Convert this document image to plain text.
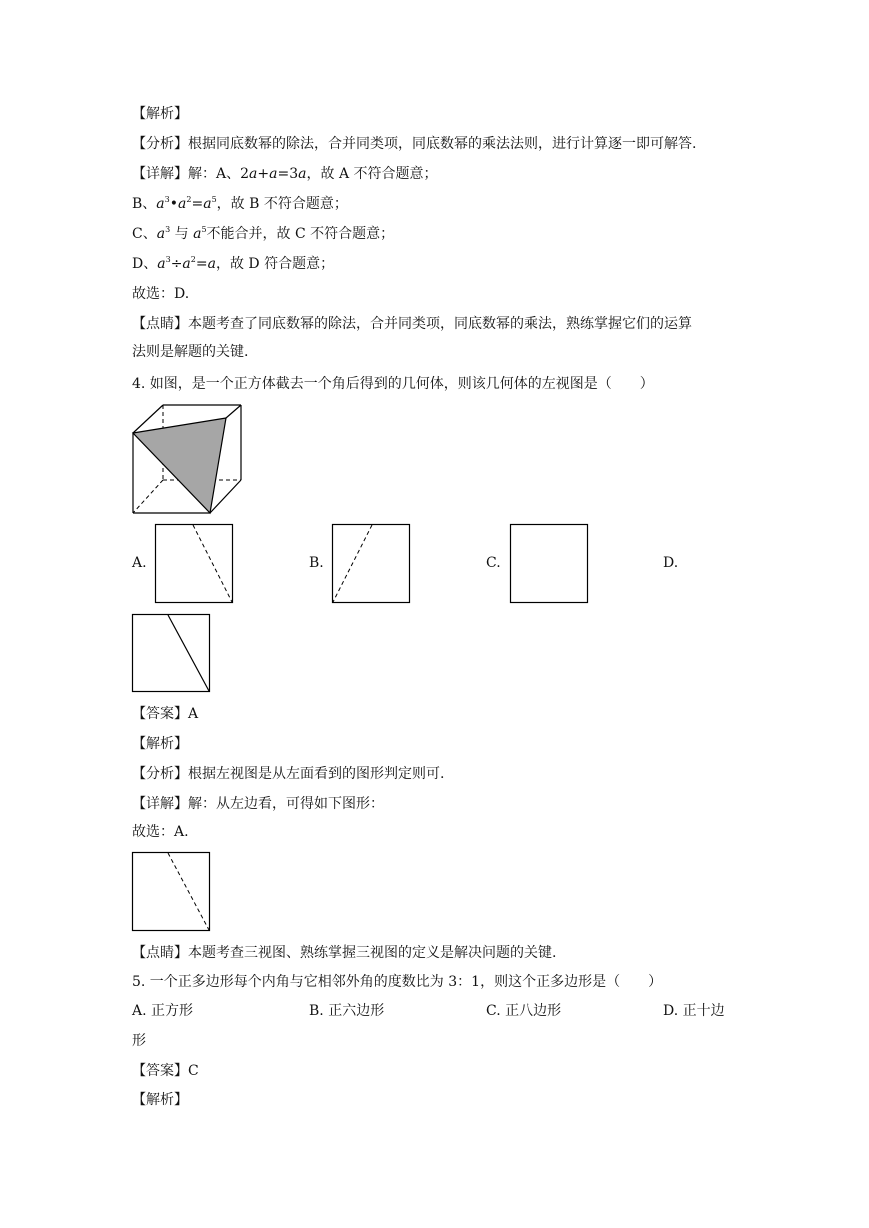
【解析】
【分析】根据同底数幂的除法，合并同类项，同底数幂的乘法法则，进行计算逐一即可解答.
【详解】解：A、2a+a=3a，故 A 不符合题意；
B、$a^3•a^2=a^5$，故 B 不符合题意；
C、$a^3$ 与 $a^5$不能合并，故 C 不符合题意；
D、$a^3\div a^2=a$，故 D 符合题意；
故选：D.
【点睛】本题考查了同底数幂的除法，合并同类项，同底数幂的乘法，熟练掌握它们的运算
法则是解题的关键.
4. 如图，是一个正方体截去一个角后得到的几何体，则该几何体的左视图是（　　）
A.	B.	C.	D.
【答案】A
【解析】
【分析】根据左视图是从左面看到的图形判定则可.
【详解】解：从左边看，可得如下图形：
故选：A.
【点睛】本题考查三视图、熟练掌握三视图的定义是解决问题的关键.
5. 一个正多边形每个内角与它相邻外角的度数比为 3：1，则这个正多边形是（　　）
A. 正方形	B. 正六边形	C. 正八边形	D. 正十边
形
【答案】C
【解析】
